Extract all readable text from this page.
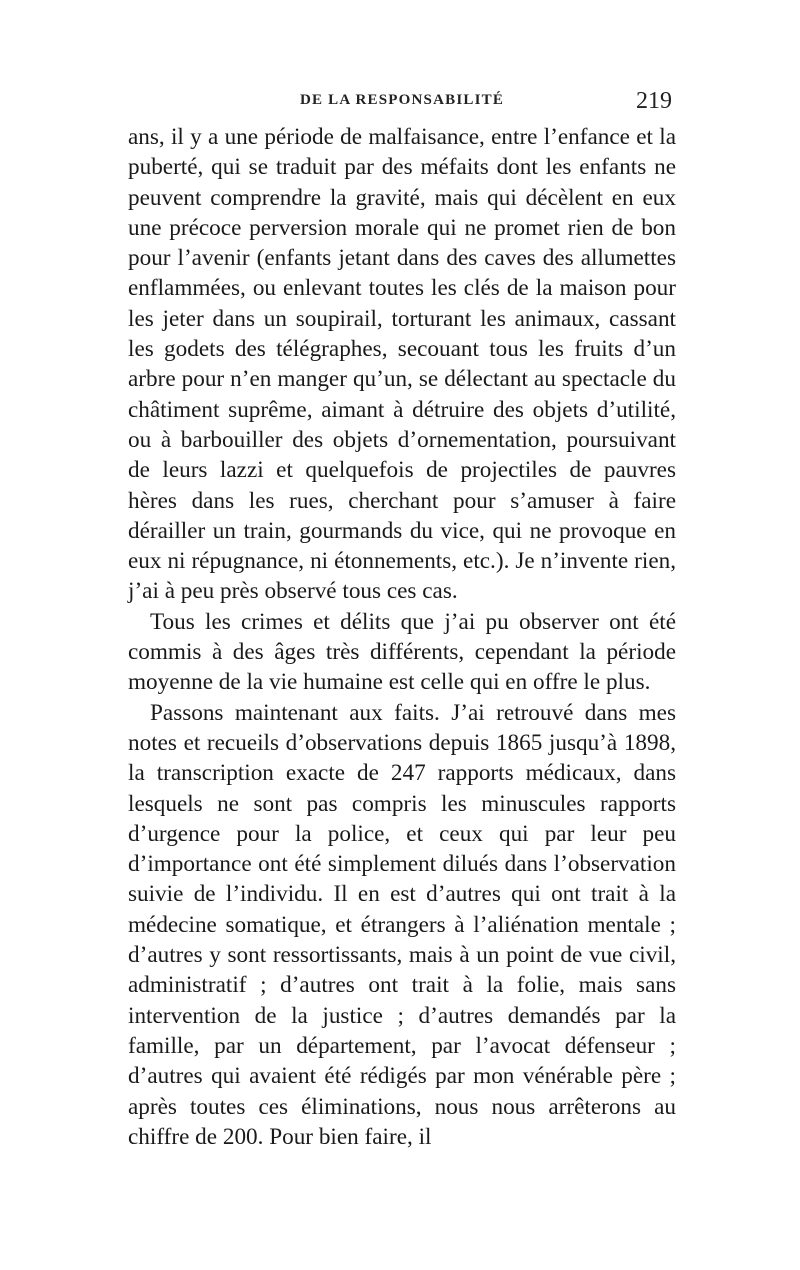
DE LA RESPONSABILITÉ	219

ans, il y a une période de malfaisance, entre l’enfance et la puberté, qui se traduit par des méfaits dont les enfants ne peuvent comprendre la gravité, mais qui décèlent en eux une précoce perversion morale qui ne promet rien de bon pour l’avenir (enfants jetant dans des caves des allumettes enflammées, ou enlevant toutes les clés de la maison pour les jeter dans un soupirail, torturant les animaux, cassant les godets des télégraphes, secouant tous les fruits d’un arbre pour n’en manger qu’un, se délectant au spectacle du châtiment suprême, aimant à détruire des objets d’utilité, ou à barbouiller des objets d’ornementation, poursuivant de leurs lazzi et quelquefois de projectiles de pauvres hères dans les rues, cherchant pour s’amuser à faire dérailler un train, gourmands du vice, qui ne provoque en eux ni répugnance, ni étonnements, etc.). Je n’invente rien, j’ai à peu près observé tous ces cas.

Tous les crimes et délits que j’ai pu observer ont été commis à des âges très différents, cependant la période moyenne de la vie humaine est celle qui en offre le plus.

Passons maintenant aux faits. J’ai retrouvé dans mes notes et recueils d’observations depuis 1865 jusqu’à 1898, la transcription exacte de 247 rapports médicaux, dans lesquels ne sont pas compris les minuscules rapports d’urgence pour la police, et ceux qui par leur peu d’importance ont été simplement dilués dans l’observation suivie de l’individu. Il en est d’autres qui ont trait à la médecine somatique, et étrangers à l’aliénation mentale ; d’autres y sont ressortissants, mais à un point de vue civil, administratif ; d’autres ont trait à la folie, mais sans intervention de la justice ; d’autres demandés par la famille, par un département, par l’avocat défenseur ; d’autres qui avaient été rédigés par mon vénérable père ; après toutes ces éliminations, nous nous arrêterons au chiffre de 200. Pour bien faire, il
